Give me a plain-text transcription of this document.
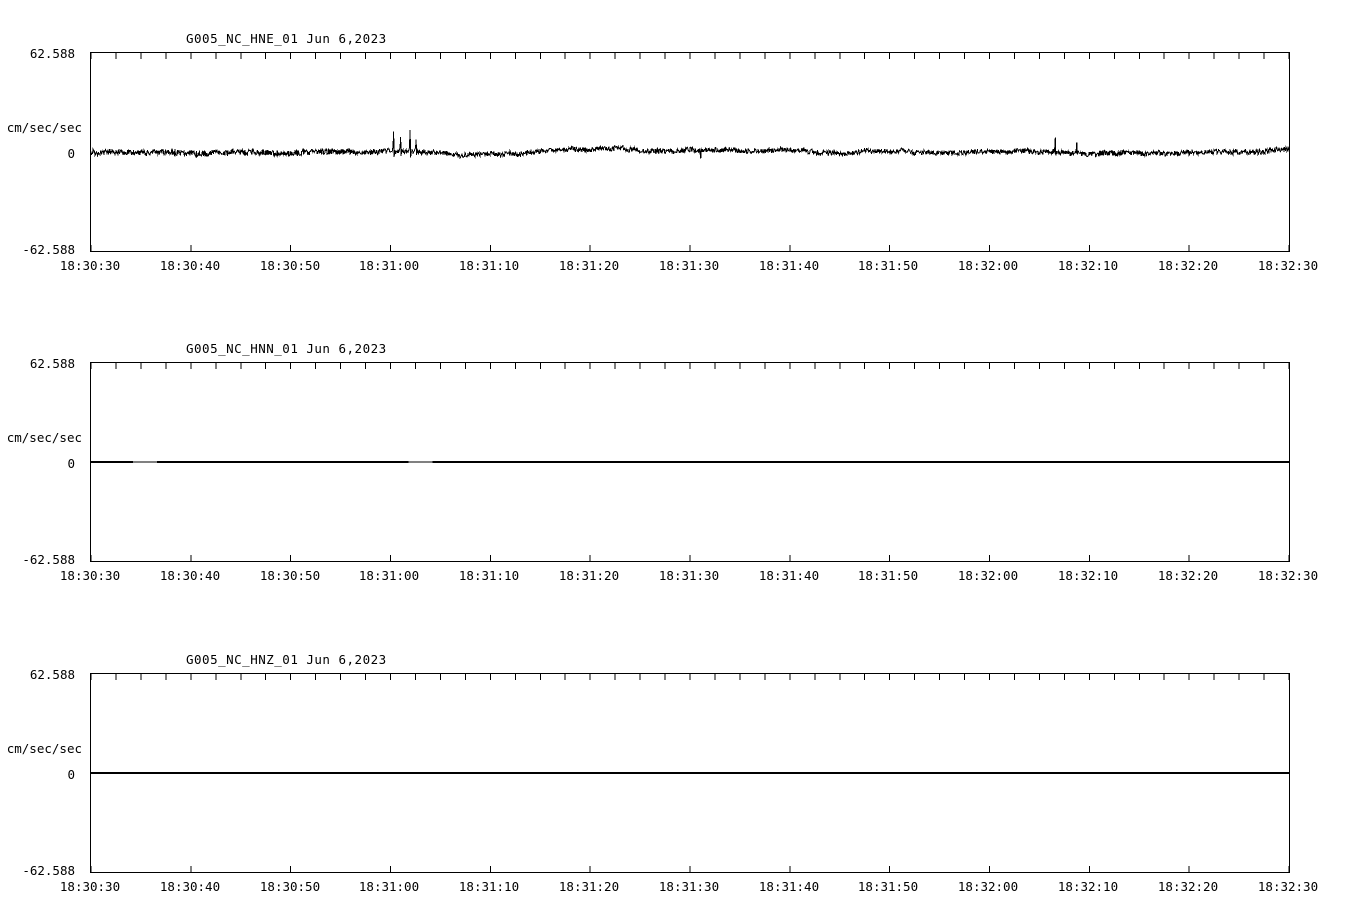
G005_NC_HNE_01 Jun 6,2023
cm/sec/sec
62.588
0
-62.588
18:30:30	18:30:40	18:30:50	18:31:00	18:31:10	18:31:20	18:31:30	18:31:40	18:31:50	18:32:00	18:32:10	18:32:20	18:32:30
G005_NC_HNN_01 Jun 6,2023
cm/sec/sec
62.588
0
-62.588
18:30:30	18:30:40	18:30:50	18:31:00	18:31:10	18:31:20	18:31:30	18:31:40	18:31:50	18:32:00	18:32:10	18:32:20	18:32:30
G005_NC_HNZ_01 Jun 6,2023
cm/sec/sec
62.588
0
-62.588
18:30:30	18:30:40	18:30:50	18:31:00	18:31:10	18:31:20	18:31:30	18:31:40	18:31:50	18:32:00	18:32:10	18:32:20	18:32:30
